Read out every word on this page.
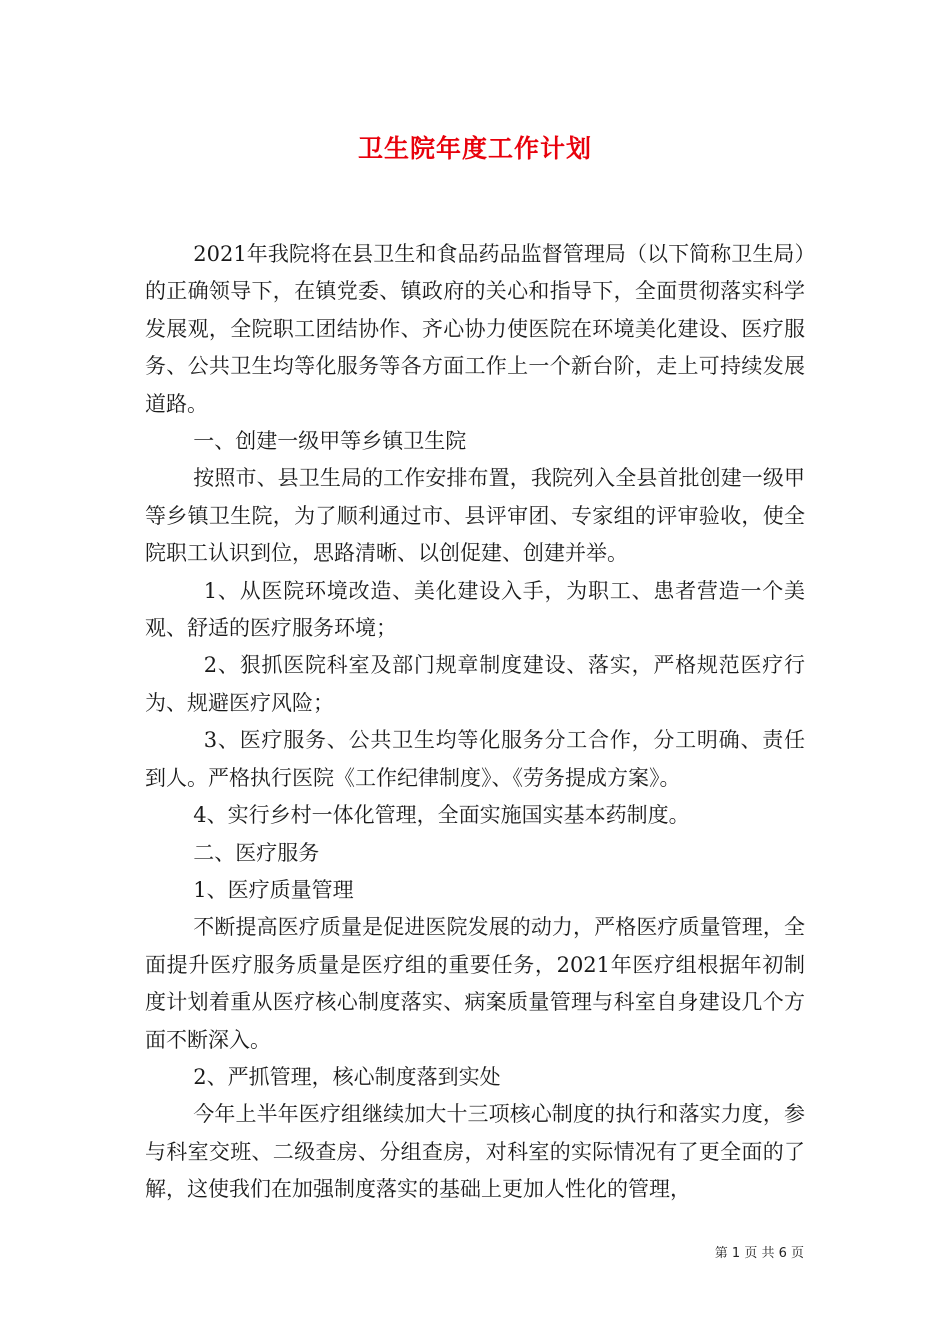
卫生院年度工作计划

2021年我院将在县卫生和食品药品监督管理局（以下简称卫生局）的正确领导下，在镇党委、镇政府的关心和指导下，全面贯彻落实科学发展观，全院职工团结协作、齐心协力使医院在环境美化建设、医疗服务、公共卫生均等化服务等各方面工作上一个新台阶，走上可持续发展道路。

一、创建一级甲等乡镇卫生院

按照市、县卫生局的工作安排布置，我院列入全县首批创建一级甲等乡镇卫生院，为了顺利通过市、县评审团、专家组的评审验收，使全院职工认识到位，思路清晰、以创促建、创建并举。

1、从医院环境改造、美化建设入手，为职工、患者营造一个美观、舒适的医疗服务环境；

2、狠抓医院科室及部门规章制度建设、落实，严格规范医疗行为、规避医疗风险；

3、医疗服务、公共卫生均等化服务分工合作，分工明确、责任到人。严格执行医院《工作纪律制度》、《劳务提成方案》。

4、实行乡村一体化管理，全面实施国实基本药制度。

二、医疗服务

1、医疗质量管理

不断提高医疗质量是促进医院发展的动力，严格医疗质量管理，全面提升医疗服务质量是医疗组的重要任务，2021年医疗组根据年初制度计划着重从医疗核心制度落实、病案质量管理与科室自身建设几个方面不断深入。

2、严抓管理，核心制度落到实处

今年上半年医疗组继续加大十三项核心制度的执行和落实力度，参与科室交班、二级查房、分组查房，对科室的实际情况有了更全面的了解，这使我们在加强制度落实的基础上更加人性化的管理，

第 1 页 共 6 页
